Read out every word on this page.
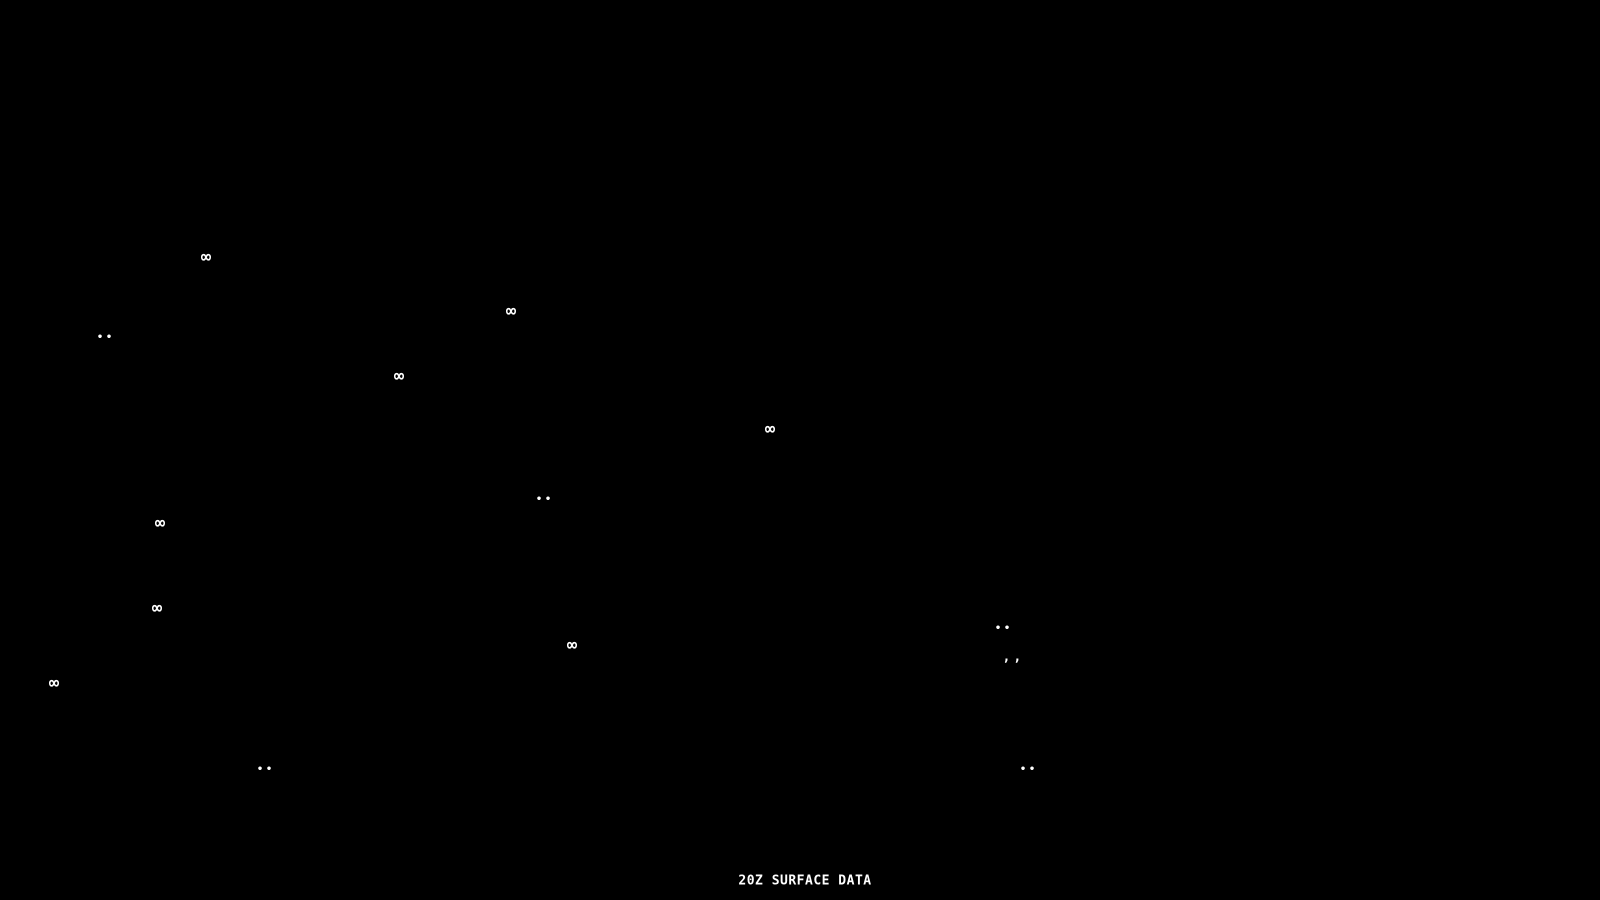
∞
∞
••
∞
∞
••
∞
∞
••
∞
’’
∞
••	••
20Z SURFACE DATA
